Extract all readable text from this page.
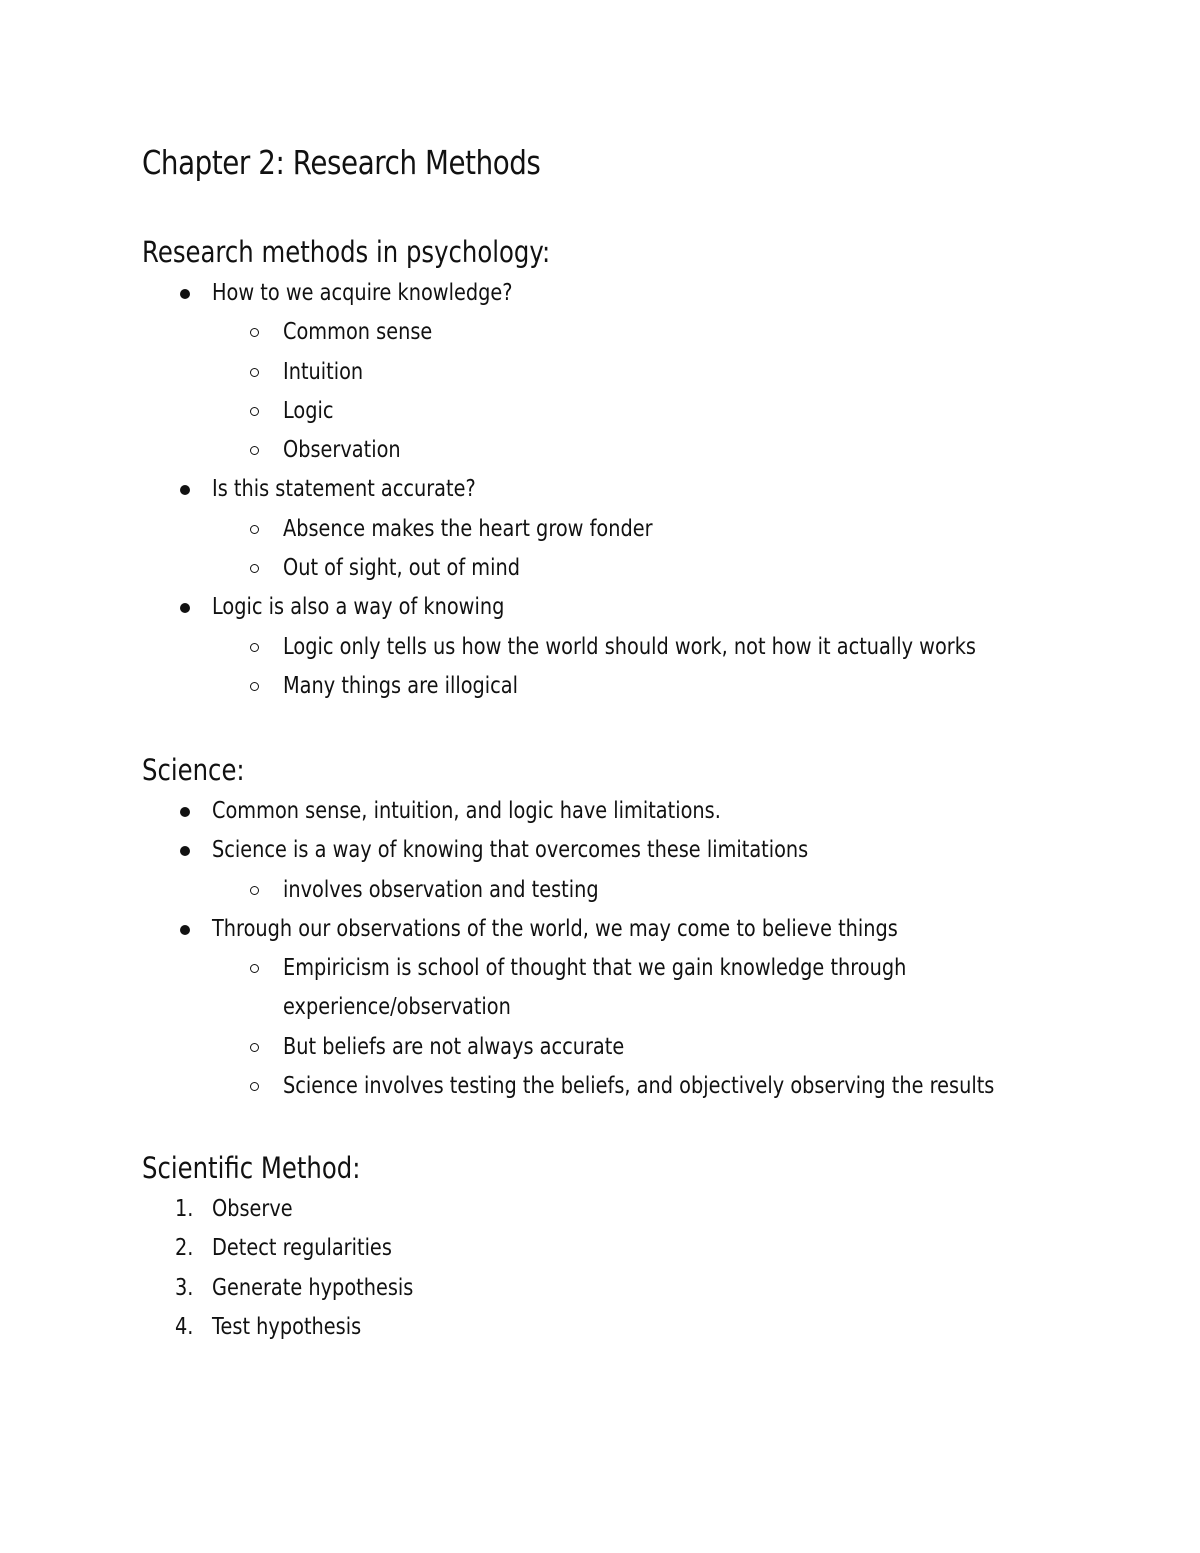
Chapter 2: Research Methods
Research methods in psychology:
How to we acquire knowledge?
Common sense
Intuition
Logic
Observation
Is this statement accurate?
Absence makes the heart grow fonder
Out of sight, out of mind
Logic is also a way of knowing
Logic only tells us how the world should work, not how it actually works
Many things are illogical
Science:
Common sense, intuition, and logic have limitations.
Science is a way of knowing that overcomes these limitations
involves observation and testing
Through our observations of the world, we may come to believe things
Empiricism is school of thought that we gain knowledge through
experience/observation
But beliefs are not always accurate
Science involves testing the beliefs, and objectively observing the results
Scientific Method:
1. Observe
2. Detect regularities
3. Generate hypothesis
4. Test hypothesis
